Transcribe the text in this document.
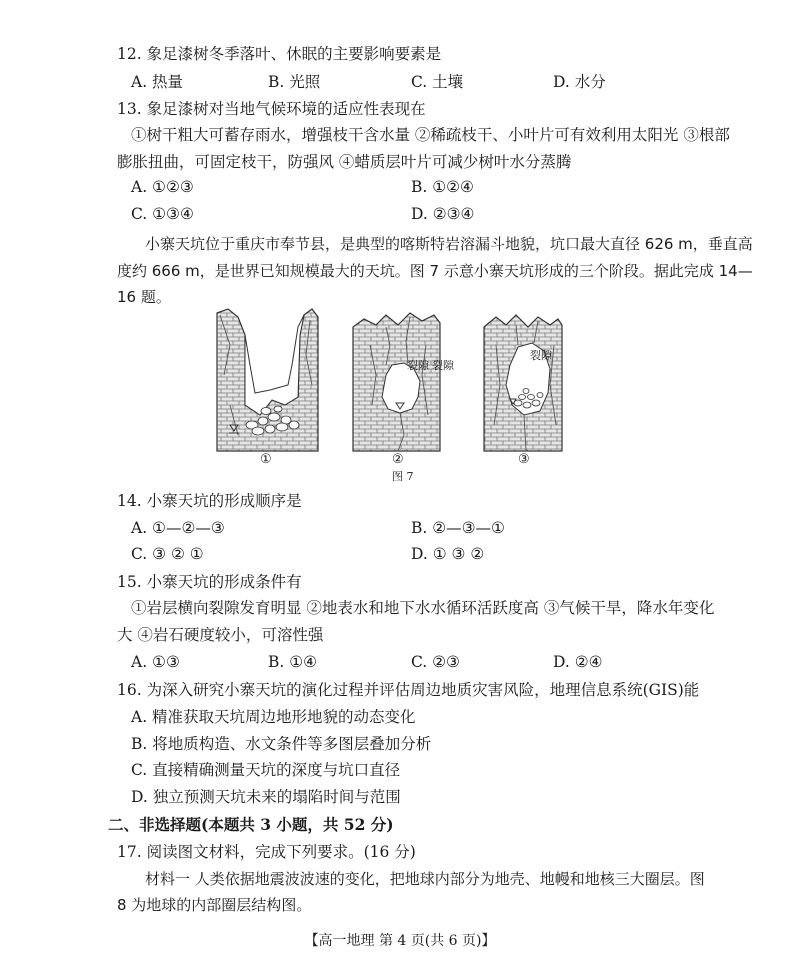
12. 象足漆树冬季落叶、休眠的主要影响要素是
A. 热量	B. 光照	C. 土壤	D. 水分
13. 象足漆树对当地气候环境的适应性表现在
①树干粗大可蓄存雨水，增强枝干含水量 ②稀疏枝干、小叶片可有效利用太阳光 ③根部
膨胀扭曲，可固定枝干，防强风 ④蜡质层叶片可减少树叶水分蒸腾
A. ①②③	B. ①②④
C. ①③④	D. ②③④
小寨天坑位于重庆市奉节县，是典型的喀斯特岩溶漏斗地貌，坑口最大直径 626 m，垂直高
度约 666 m，是世界已知规模最大的天坑。图 7 示意小寨天坑形成的三个阶段。据此完成 14—
16 题。
裂隙 裂隙
裂隙
①	②	③
图 7
14. 小寨天坑的形成顺序是
A. ①—②—③	B. ②—③—①
C. ③ ② ①	D. ① ③ ②
15. 小寨天坑的形成条件有
①岩层横向裂隙发育明显 ②地表水和地下水水循环活跃度高 ③气候干旱，降水年变化
大 ④岩石硬度较小，可溶性强
A. ①③	B. ①④	C. ②③	D. ②④
16. 为深入研究小寨天坑的演化过程并评估周边地质灾害风险，地理信息系统(GIS)能
A. 精准获取天坑周边地形地貌的动态变化
B. 将地质构造、水文条件等多图层叠加分析
C. 直接精确测量天坑的深度与坑口直径
D. 独立预测天坑未来的塌陷时间与范围
二、非选择题(本题共 3 小题，共 52 分)
17. 阅读图文材料，完成下列要求。(16 分)
材料一 人类依据地震波波速的变化，把地球内部分为地壳、地幔和地核三大圈层。图
8 为地球的内部圈层结构图。
【高一地理 第 4 页(共 6 页)】
